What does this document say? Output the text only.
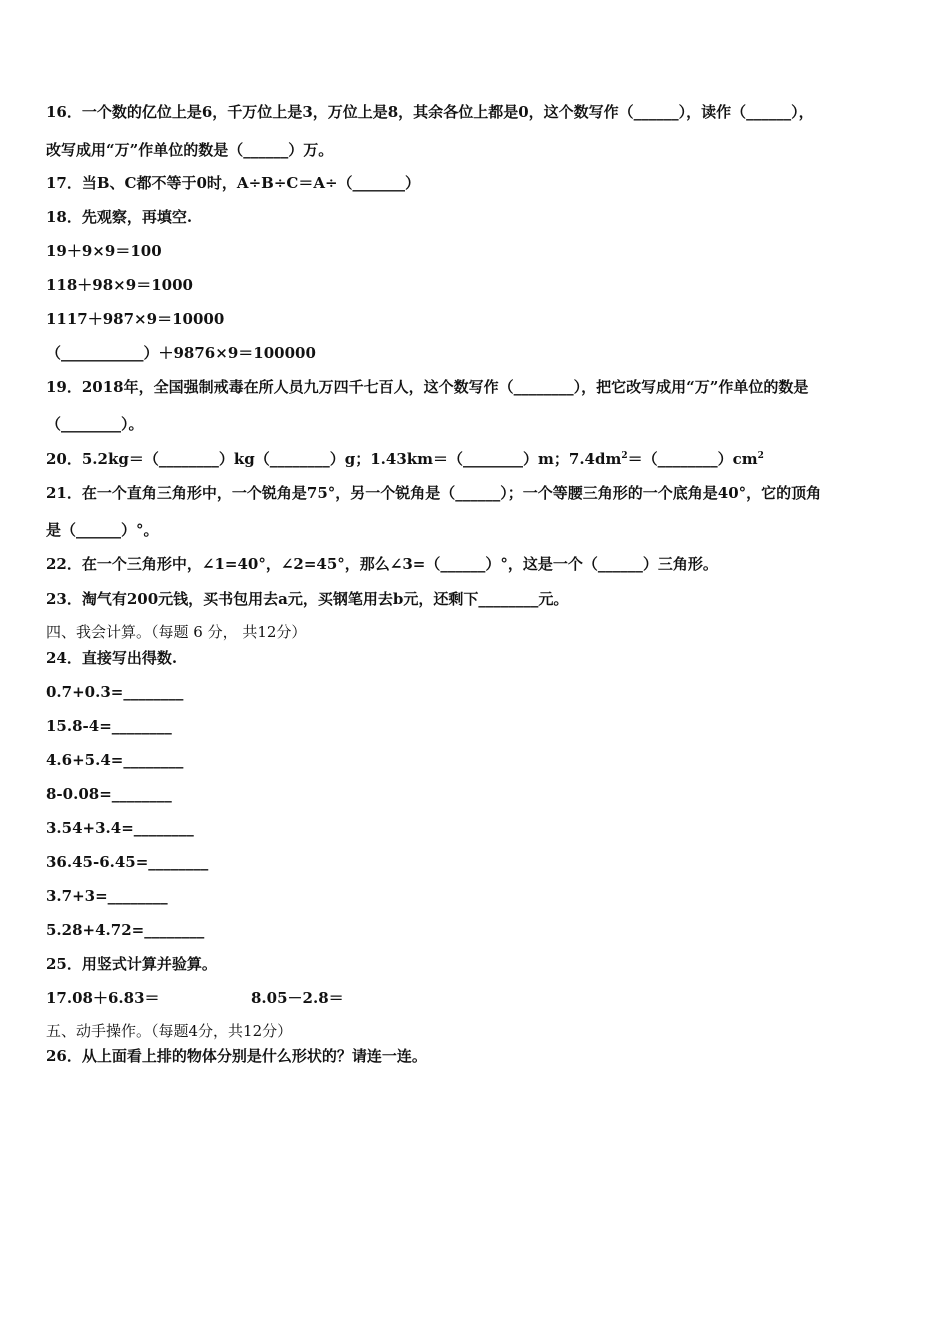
16．一个数的亿位上是6，千万位上是3，万位上是8，其余各位上都是0，这个数写作（______），读作（______），
改写成用“万”作单位的数是（______）万。
17．当B、C都不等于0时，A÷B÷C＝A÷（_______）
18．先观察，再填空.
19＋9×9＝100
118＋98×9＝1000
1117＋987×9＝10000
（___________）＋9876×9＝100000
19．2018年，全国强制戒毒在所人员九万四千七百人，这个数写作（________），把它改写成用“万”作单位的数是
（________）。
20．5.2kg＝（________）kg（________）g；1.43km＝（________）m；$7.4dm^2=(\_\_\_\_\_\_\_\_)cm^2$
21．在一个直角三角形中，一个锐角是75°，另一个锐角是（______）；一个等腰三角形的一个底角是40°，它的顶角
是（______）°。
22．在一个三角形中，∠1=40°，∠2=45°，那么∠3=（______）°，这是一个（______）三角形。
23．淘气有200元钱，买书包用去a元，买钢笔用去b元，还剩下________元。
四、我会计算。（每题 6 分， 共12分）
24．直接写出得数.
0.7+0.3=________
15.8-4=________
4.6+5.4=________
8-0.08=________
3.54+3.4=________
36.45-6.45=________
3.7+3=________
5.28+4.72=________
25．用竖式计算并验算。
17.08＋6.83＝	8.05－2.8＝
五、动手操作。（每题4分，共12分）
26．从上面看上排的物体分别是什么形状的？请连一连。
